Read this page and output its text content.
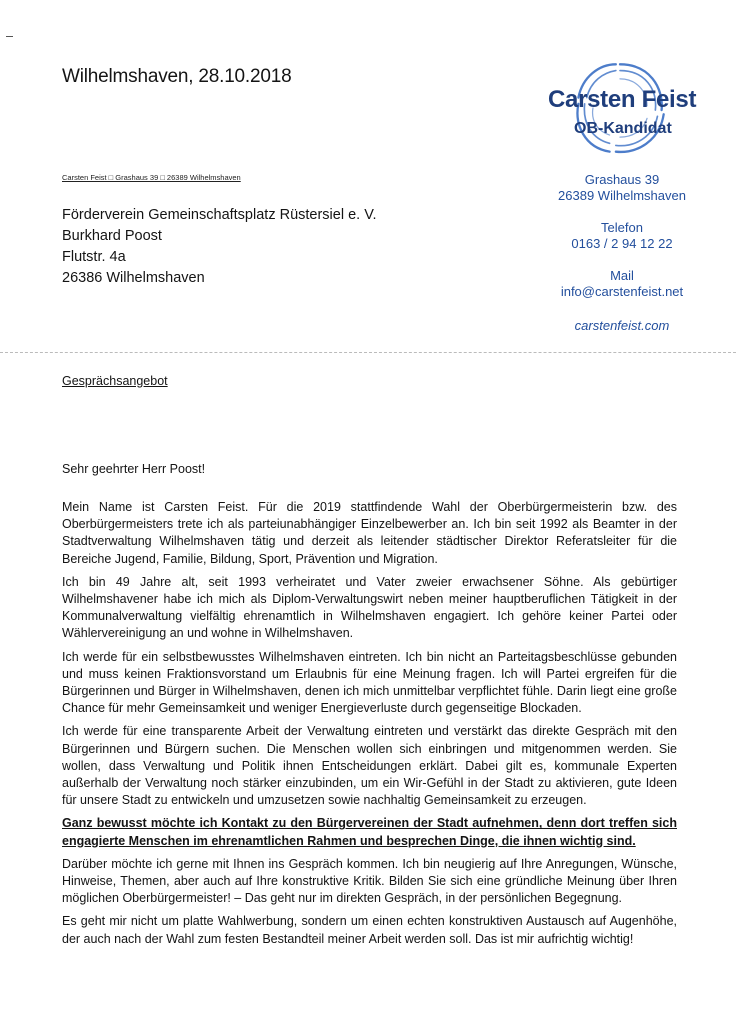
Wilhelmshaven, 28.10.2018
Carsten Feist
OB-Kandidat
Carsten Feist □ Grashaus 39 □ 26389 Wilhelmshaven
Förderverein Gemeinschaftsplatz Rüstersiel e. V.
Burkhard Poost
Flutstr. 4a
26386 Wilhelmshaven
Grashaus 39
26389 Wilhelmshaven
Telefon
0163 / 2 94 12 22
Mail
info@carstenfeist.net
carstenfeist.com
Gesprächsangebot
Sehr geehrter Herr Poost!

Mein Name ist Carsten Feist. Für die 2019 stattfindende Wahl der Oberbürgermeisterin bzw. des Oberbürgermeisters trete ich als parteiunabhängiger Einzelbewerber an. Ich bin seit 1992 als Beamter in der Stadtverwaltung Wilhelmshaven tätig und derzeit als leitender städtischer Direktor Referatsleiter für die Bereiche Jugend, Familie, Bildung, Sport, Prävention und Migration.

Ich bin 49 Jahre alt, seit 1993 verheiratet und Vater zweier erwachsener Söhne. Als gebürtiger Wilhelmshavener habe ich mich als Diplom-Verwaltungswirt neben meiner hauptberuflichen Tätigkeit in der Kommunalverwaltung vielfältig ehrenamtlich in Wilhelmshaven engagiert. Ich gehöre keiner Partei oder Wählervereinigung an und wohne in Wilhelmshaven.

Ich werde für ein selbstbewusstes Wilhelmshaven eintreten. Ich bin nicht an Parteitagsbeschlüsse gebunden und muss keinen Fraktionsvorstand um Erlaubnis für eine Meinung fragen. Ich will Partei ergreifen für die Bürgerinnen und Bürger in Wilhelmshaven, denen ich mich unmittelbar verpflichtet fühle. Darin liegt eine große Chance für mehr Gemeinsamkeit und weniger Energieverluste durch gegenseitige Blockaden.

Ich werde für eine transparente Arbeit der Verwaltung eintreten und verstärkt das direkte Gespräch mit den Bürgerinnen und Bürgern suchen. Die Menschen wollen sich einbringen und mitgenommen werden. Sie wollen, dass Verwaltung und Politik ihnen Entscheidungen erklärt. Dabei gilt es, kommunale Experten außerhalb der Verwaltung noch stärker einzubinden, um ein Wir-Gefühl in der Stadt zu aktivieren, gute Ideen für unsere Stadt zu entwickeln und umzusetzen sowie nachhaltig Gemeinsamkeit zu erzeugen.

Ganz bewusst möchte ich Kontakt zu den Bürgervereinen der Stadt aufnehmen, denn dort treffen sich engagierte Menschen im ehrenamtlichen Rahmen und besprechen Dinge, die ihnen wichtig sind.

Darüber möchte ich gerne mit Ihnen ins Gespräch kommen. Ich bin neugierig auf Ihre Anregungen, Wünsche, Hinweise, Themen, aber auch auf Ihre konstruktive Kritik. Bilden Sie sich eine gründliche Meinung über Ihren möglichen Oberbürgermeister! – Das geht nur im direkten Gespräch, in der persönlichen Begegnung.

Es geht mir nicht um platte Wahlwerbung, sondern um einen echten konstruktiven Austausch auf Augenhöhe, der auch nach der Wahl zum festen Bestandteil meiner Arbeit werden soll. Das ist mir aufrichtig wichtig!
